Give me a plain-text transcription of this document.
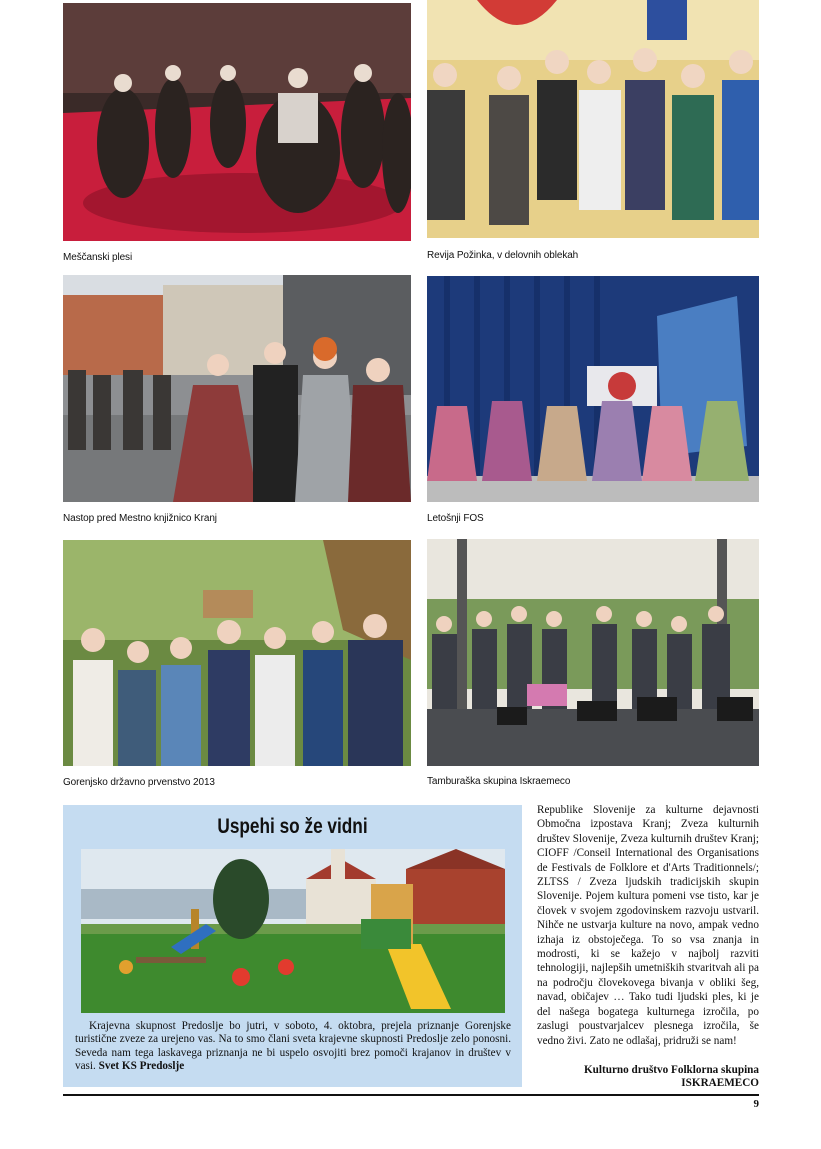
Meščanski plesi	Revija Požinka, v delovnih oblekah
Nastop pred Mestno knjižnico Kranj	Letošnji FOS
Gorenjsko državno prvenstvo 2013	Tamburaška skupina Iskraemeco
Uspehi so že vidni
Krajevna skupnost Predoslje bo jutri, v soboto, 4. oktobra, prejela priznanje Gorenjske turistične zveze za urejeno vas. Na to smo člani sveta krajevne skupnosti Predoslje zelo ponosni. Seveda nam tega laskavega priznanja ne bi uspelo osvojiti brez pomoči krajanov in društev v vasi. Svet KS Predoslje
Republike Slovenije za kulturne dejavnosti Območna izpostava Kranj; Zveza kulturnih društev Slovenije, Zveza kulturnih društev Kranj; CIOFF /Conseil International des Organisations de Festivals de Folklore et d'Arts Traditionnels/; ZLTSS / Zveza ljudskih tradicijskih skupin Slovenije. Pojem kultura pomeni vse tisto, kar je človek v svojem zgodovinskem razvoju ustvaril. Nihče ne ustvarja kulture na novo, ampak vedno izhaja iz obstoječega. To so vsa znanja in modrosti, ki se kažejo v najbolj razviti tehnologiji, najlepših umetniških stvaritvah ali pa na področju človekovega bivanja v obliki šeg, navad, običajev … Tako tudi ljudski ples, ki je del našega bogatega kulturnega izročila, po zaslugi poustvarjalcev plesnega izročila, še vedno živi. Zato ne odlašaj, pridruži se nam!
Kulturno društvo Folklorna skupina
ISKRAEMECO
9
